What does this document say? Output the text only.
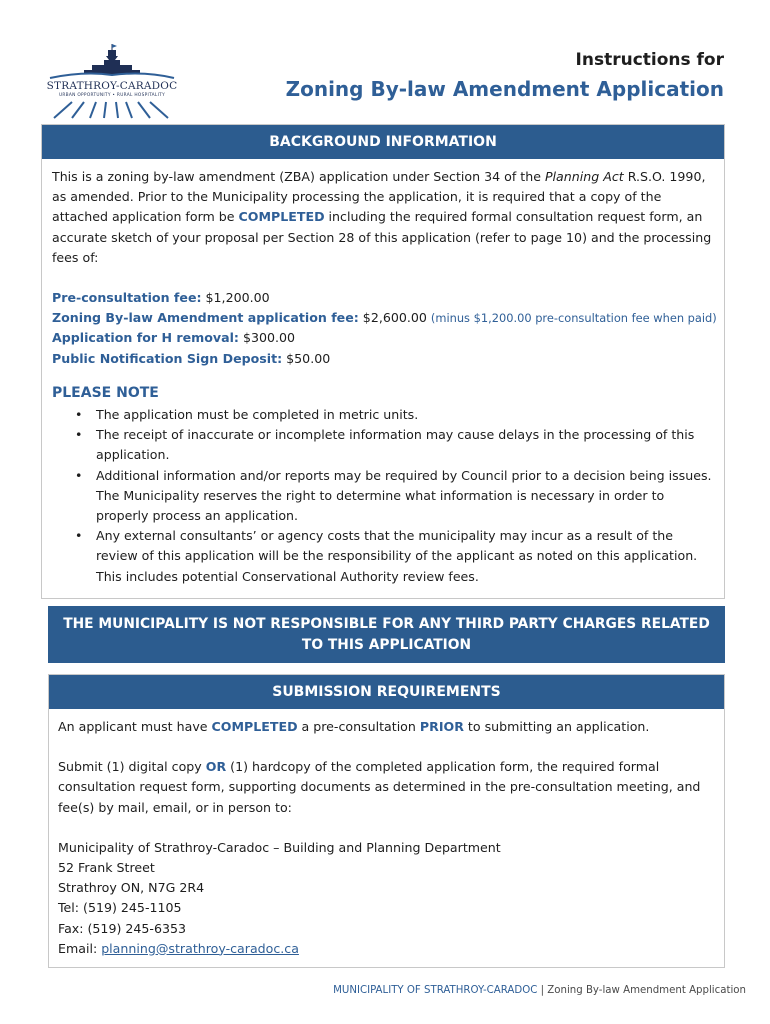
STRATHROY-CARADOC
URBAN OPPORTUNITY • RURAL HOSPITALITY
Instructions for
Zoning By-law Amendment Application
BACKGROUND INFORMATION

This is a zoning by-law amendment (ZBA) application under Section 34 of the Planning Act R.S.O. 1990, as amended. Prior to the Municipality processing the application, it is required that a copy of the attached application form be COMPLETED including the required formal consultation request form, an accurate sketch of your proposal per Section 28 of this application (refer to page 10) and the processing fees of:

Pre-consultation fee: $1,200.00
Zoning By-law Amendment application fee: $2,600.00 (minus $1,200.00 pre-consultation fee when paid)
Application for H removal: $300.00
Public Notification Sign Deposit: $50.00
PLEASE NOTE
• The application must be completed in metric units.
• The receipt of inaccurate or incomplete information may cause delays in the processing of this application.
• Additional information and/or reports may be required by Council prior to a decision being issues. The Municipality reserves the right to determine what information is necessary in order to properly process an application.
• Any external consultants’ or agency costs that the municipality may incur as a result of the review of this application will be the responsibility of the applicant as noted on this application. This includes potential Conservational Authority review fees.
THE MUNICIPALITY IS NOT RESPONSIBLE FOR ANY THIRD PARTY CHARGES RELATED
TO THIS APPLICATION
SUBMISSION REQUIREMENTS

An applicant must have COMPLETED a pre-consultation PRIOR to submitting an application.

Submit (1) digital copy OR (1) hardcopy of the completed application form, the required formal consultation request form, supporting documents as determined in the pre-consultation meeting, and fee(s) by mail, email, or in person to:

Municipality of Strathroy-Caradoc – Building and Planning Department
52 Frank Street
Strathroy ON, N7G 2R4
Tel: (519) 245-1105
Fax: (519) 245-6353
Email: planning@strathroy-caradoc.ca
MUNICIPALITY OF STRATHROY-CARADOC | Zoning By-law Amendment Application
